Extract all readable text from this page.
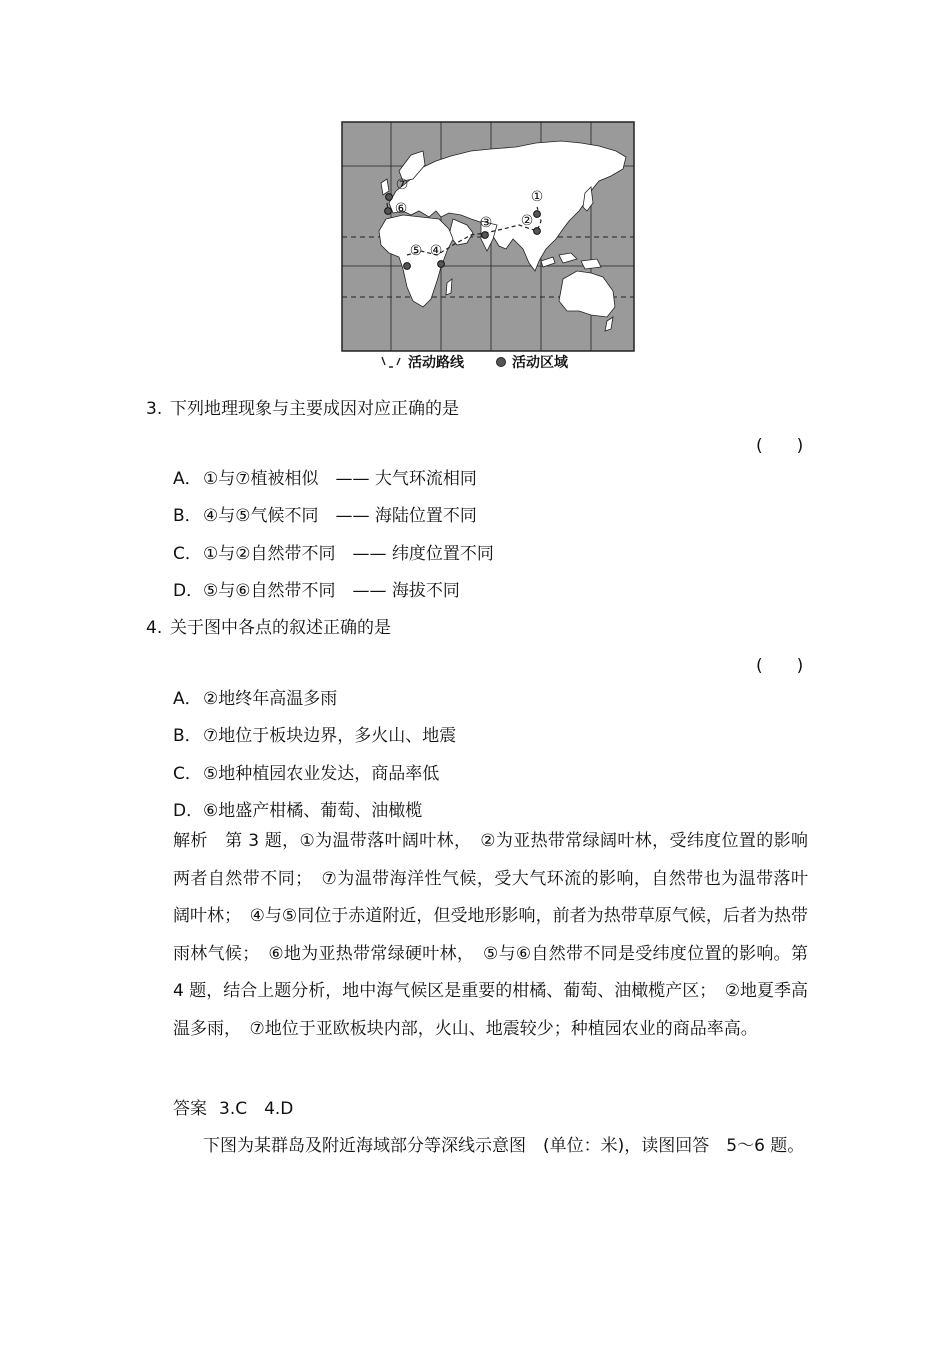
①
②
③
④
⑤
⑥
⑦
活动路线	活动区域
3. 下列地理现象与主要成因对应正确的是
(　　)
A．①与⑦植被相似　—— 大气环流相同
B．④与⑤气候不同　—— 海陆位置不同
C．①与②自然带不同　—— 纬度位置不同
D．⑤与⑥自然带不同　—— 海拔不同
4. 关于图中各点的叙述正确的是
(　　)
A．②地终年高温多雨
B．⑦地位于板块边界，多火山、地震
C．⑤地种植园农业发达，商品率低
D．⑥地盛产柑橘、葡萄、油橄榄

解析　第 3 题，①为温带落叶阔叶林，　②为亚热带常绿阔叶林，受纬度位置的影响两者自然带不同；　⑦为温带海洋性气候，受大气环流的影响，自然带也为温带落叶阔叶林；　④与⑤同位于赤道附近，但受地形影响，前者为热带草原气候，后者为热带雨林气候；　⑥地为亚热带常绿硬叶林，　⑤与⑥自然带不同是受纬度位置的影响。第　4 题，结合上题分析，地中海气候区是重要的柑橘、葡萄、油橄榄产区；　②地夏季高温多雨，　⑦地位于亚欧板块内部，火山、地震较少；种植园农业的商品率高。

答案 3.C　4.D
下图为某群岛及附近海域部分等深线示意图　(单位：米)，读图回答　5～6 题。
